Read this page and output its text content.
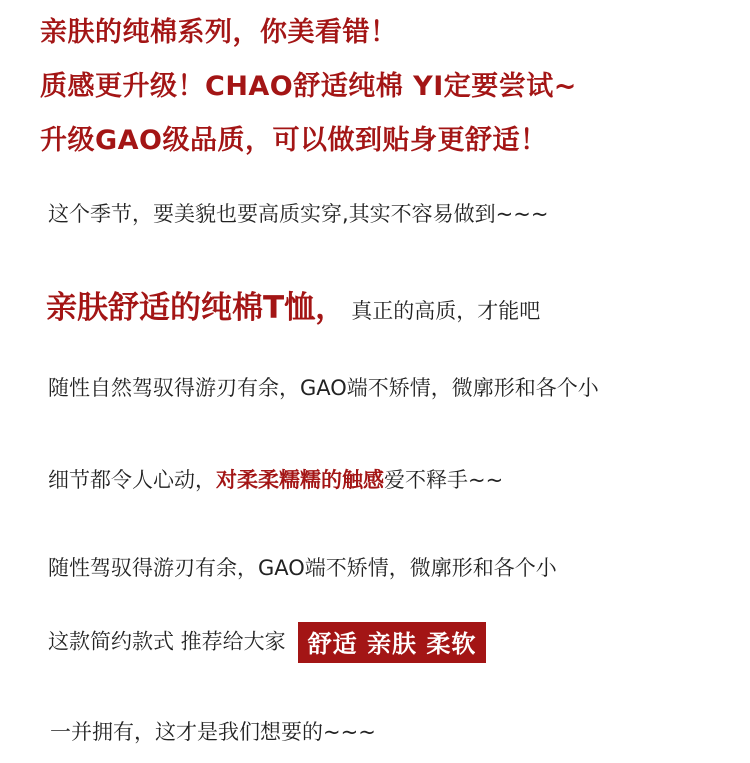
亲肤的纯棉系列，你美看错！
质感更升级！CHAO舒适纯棉 YI定要尝试~
升级GAO级品质，可以做到贴身更舒适！
这个季节，要美貌也要高质实穿,其实不容易做到~~~
亲肤舒适的纯棉T恤， 真正的高质，才能吧
随性自然驾驭得游刃有余，GAO端不矫情，微廓形和各个小
细节都令人心动，对柔柔糯糯的触感爱不释手~~
随性驾驭得游刃有余，GAO端不矫情，微廓形和各个小
这款简约款式 推荐给大家 舒适 亲肤 柔软
一并拥有，这才是我们想要的~~~
